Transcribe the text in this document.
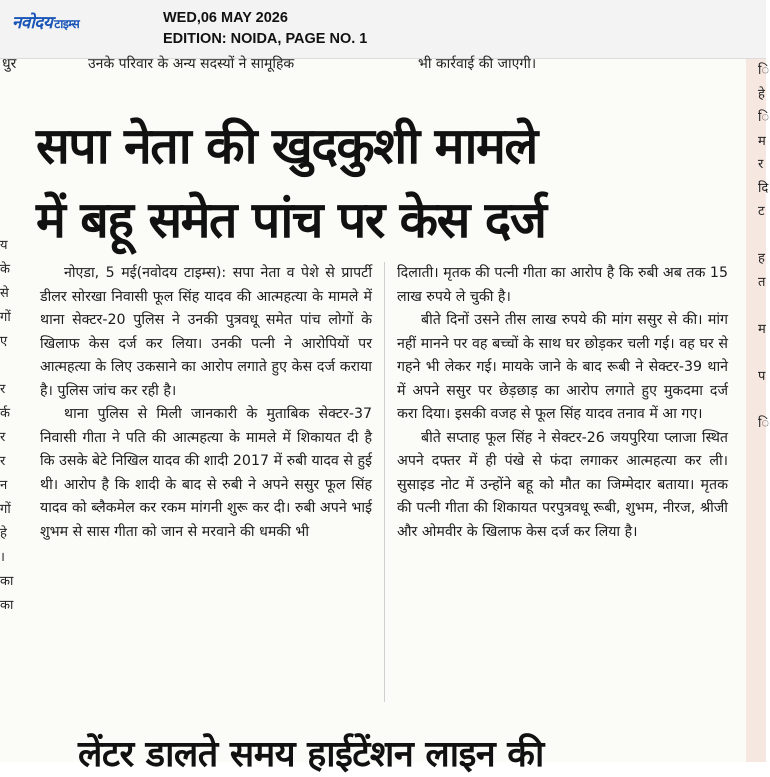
नवोदय टाइम्स	WED,06 MAY 2026
EDITION: NOIDA, PAGE NO. 1
धुर	उनके परिवार के अन्य सदस्यों ने सामूहिक	भी कार्रवाई की जाएगी।
य
के
से
गों
ए
र
र्क
र
र
न
गों
हे
।
का
का
सपा नेता की खुदकुशी मामले
में बहू समेत पांच पर केस दर्ज

नोएडा, 5 मई(नवोदय टाइम्स): सपा नेता व पेशे से प्रापर्टी डीलर सोरखा निवासी फूल सिंह यादव की आत्महत्या के मामले में थाना सेक्टर-20 पुलिस ने उनकी पुत्रवधू समेत पांच लोगों के खिलाफ केस दर्ज कर लिया। उनकी पत्नी ने आरोपियों पर आत्महत्या के लिए उकसाने का आरोप लगाते हुए केस दर्ज कराया है। पुलिस जांच कर रही है।

थाना पुलिस से मिली जानकारी के मुताबिक सेक्टर-37 निवासी गीता ने पति की आत्महत्या के मामले में शिकायत दी है कि उसके बेटे निखिल यादव की शादी 2017 में रुबी यादव से हुई थी। आरोप है कि शादी के बाद से रुबी ने अपने ससुर फूल सिंह यादव को ब्लैकमेल कर रकम मांगनी शुरू कर दी। रुबी अपने भाई शुभम से सास गीता को जान से मरवाने की धमकी भी

दिलाती। मृतक की पत्नी गीता का आरोप है कि रुबी अब तक 15 लाख रुपये ले चुकी है।

बीते दिनों उसने तीस लाख रुपये की मांग ससुर से की। मांग नहीं मानने पर वह बच्चों के साथ घर छोड़कर चली गई। वह घर से गहने भी लेकर गई। मायके जाने के बाद रूबी ने सेक्टर-39 थाने में अपने ससुर पर छेड़छाड़ का आरोप लगाते हुए मुकदमा दर्ज करा दिया। इसकी वजह से फूल सिंह यादव तनाव में आ गए।

बीते सप्ताह फूल सिंह ने सेक्टर-26 जयपुरिया प्लाजा स्थित अपने दफ्तर में ही पंखे से फंदा लगाकर आत्महत्या कर ली। सुसाइड नोट में उन्होंने बहू को मौत का जिम्मेदार बताया। मृतक की पत्नी गीता की शिकायत परपुत्रवधू रूबी, शुभम, नीरज, श्रीजी और ओमवीर के खिलाफ केस दर्ज कर लिया है।

लेंटर डालते समय हाईटेंशन लाइन की
ि
हे
ि
म
र
दि
ट
ह
त
म
प
ि
